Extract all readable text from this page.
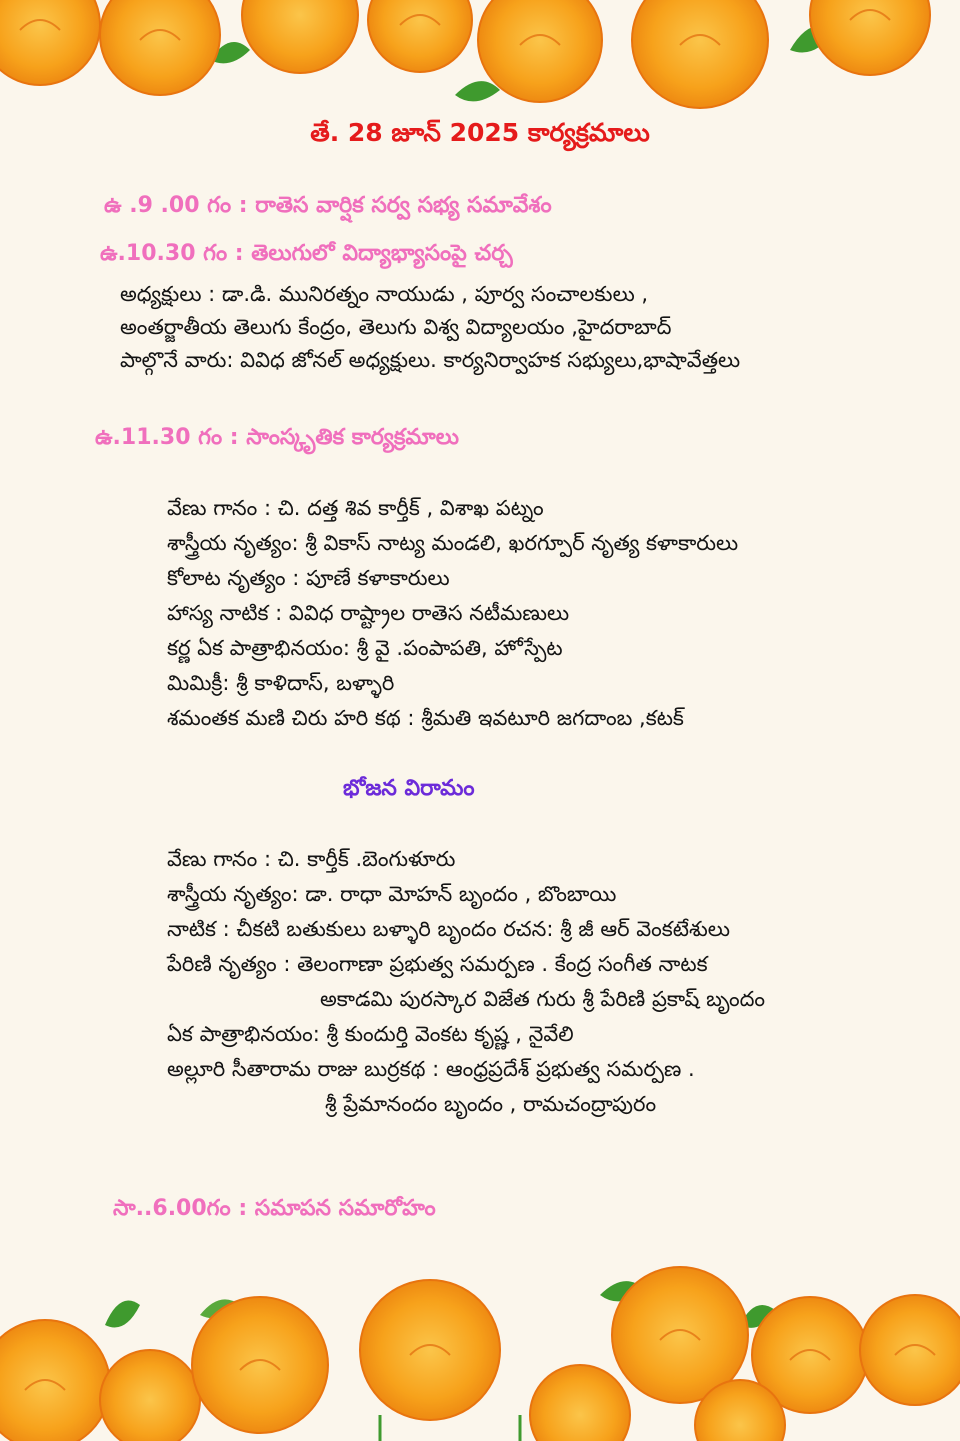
తే. 28 జూన్ 2025 కార్యక్రమాలు
ఉ .9 .00 గం : రాతెస వార్షిక సర్వ సభ్య సమావేశం
ఉ.10.30 గం : తెలుగులో విద్యాభ్యాసంపై చర్చ
అధ్యక్షులు : డా.డి. మునిరత్నం నాయుడు , పూర్వ సంచాలకులు ,
అంతర్జాతీయ తెలుగు కేంద్రం, తెలుగు విశ్వ విద్యాలయం ,హైదరాబాద్
పాల్గొనే వారు: వివిధ జోనల్ అధ్యక్షులు. కార్యనిర్వాహక సభ్యులు,భాషావేత్తలు
ఉ.11.30 గం : సాంస్కృతిక కార్యక్రమాలు
వేణు గానం : చి. దత్త శివ కార్తీక్ , విశాఖ పట్నం
శాస్త్రీయ నృత్యం: శ్రీ వికాస్ నాట్య మండలి, ఖరగ్పూర్ నృత్య కళాకారులు
కోలాట నృత్యం : పూణే కళాకారులు
హాస్య నాటిక : వివిధ రాష్ట్రాల రాతెస నటీమణులు
కర్ణ ఏక పాత్రాభినయం: శ్రీ వై .పంపాపతి, హోస్పేట
మిమిక్రీ: శ్రీ కాళిదాస్, బళ్ళారి
శమంతక మణి చిరు హరి కథ : శ్రీమతి ఇవటూరి జగదాంబ ,కటక్
భోజన విరామం
వేణు గానం : చి. కార్తీక్ .బెంగుళూరు
శాస్త్రీయ నృత్యం: డా. రాధా మోహన్ బృందం , బొంబాయి
నాటిక : చీకటి బతుకులు బళ్ళారి బృందం రచన: శ్రీ జీ ఆర్ వెంకటేశులు
పేరిణి నృత్యం : తెలంగాణా ప్రభుత్వ సమర్పణ . కేంద్ర సంగీత నాటక
అకాడమి పురస్కార విజేత గురు శ్రీ పేరిణి ప్రకాష్ బృందం
ఏక పాత్రాభినయం: శ్రీ కుందుర్తి వెంకట కృష్ణ , నైవేలి
అల్లూరి సీతారామ రాజు బుర్రకథ : ఆంధ్రప్రదేశ్ ప్రభుత్వ సమర్పణ .
శ్రీ ప్రేమానందం బృందం , రామచంద్రాపురం
సా..6.00గం : సమాపన సమారోహం
